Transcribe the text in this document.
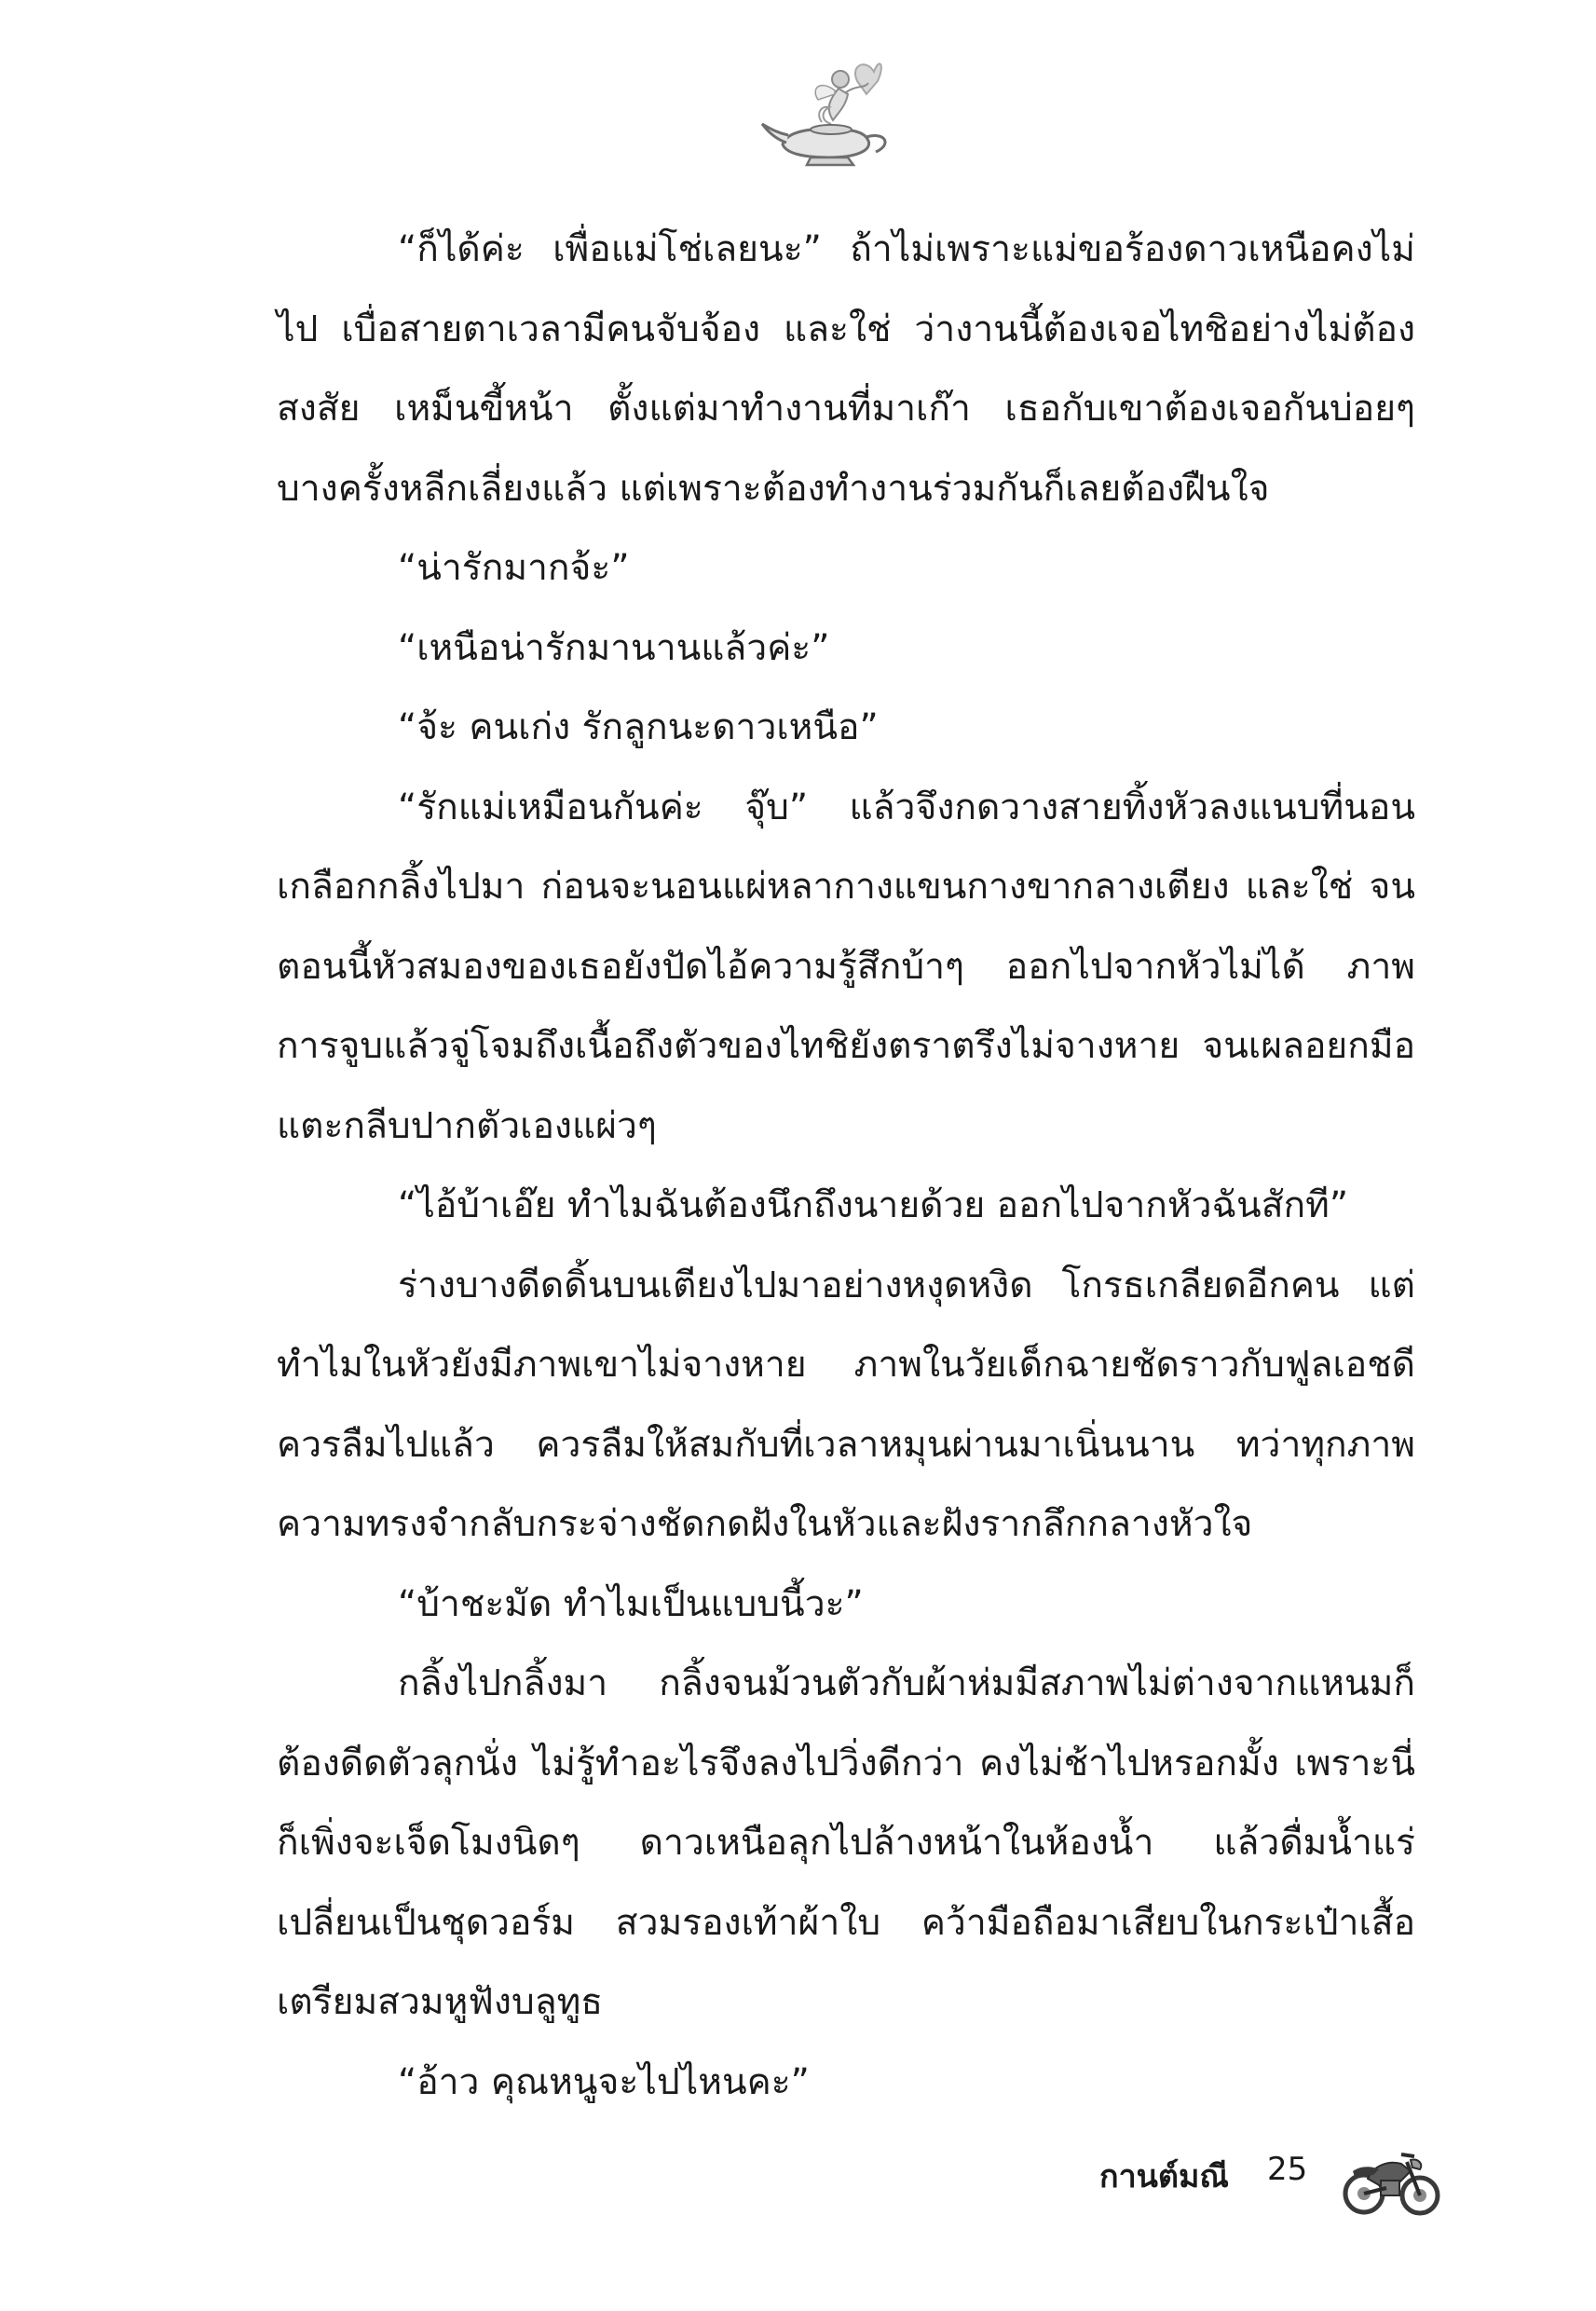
“ก็ได้ค่ะ เพื่อแม่โช่เลยนะ” ถ้าไม่เพราะแม่ขอร้องดาวเหนือคงไม่ไป เบื่อสายตาเวลามีคนจับจ้อง และใช่ ว่างานนี้ต้องเจอไทชิอย่างไม่ต้องสงสัย เหม็นขี้หน้า ตั้งแต่มาทำงานที่มาเก๊า เธอกับเขาต้องเจอกันบ่อยๆ บางครั้งหลีกเลี่ยงแล้ว แต่เพราะต้องทำงานร่วมกันก็เลยต้องฝืนใจ

“น่ารักมากจ้ะ”

“เหนือน่ารักมานานแล้วค่ะ”

“จ้ะ คนเก่ง รักลูกนะดาวเหนือ”

“รักแม่เหมือนกันค่ะ จุ๊บ” แล้วจึงกดวางสายทิ้งหัวลงแนบที่นอนเกลือกกลิ้งไปมา ก่อนจะนอนแผ่หลากางแขนกางขากลางเตียง และใช่ จนตอนนี้หัวสมองของเธอยังปัดไอ้ความรู้สึกบ้าๆ ออกไปจากหัวไม่ได้ ภาพการจูบแล้วจู่โจมถึงเนื้อถึงตัวของไทชิยังตราตรึงไม่จางหาย จนเผลอยกมือแตะกลีบปากตัวเองแผ่วๆ

“ไอ้บ้าเอ๊ย ทำไมฉันต้องนึกถึงนายด้วย ออกไปจากหัวฉันสักที”

ร่างบางดีดดิ้นบนเตียงไปมาอย่างหงุดหงิด โกรธเกลียดอีกคน แต่ทำไมในหัวยังมีภาพเขาไม่จางหาย ภาพในวัยเด็กฉายชัดราวกับฟูลเอชดี ควรลืมไปแล้ว ควรลืมให้สมกับที่เวลาหมุนผ่านมาเนิ่นนาน ทว่าทุกภาพความทรงจำกลับกระจ่างชัดกดฝังในหัวและฝังรากลึกกลางหัวใจ

“บ้าชะมัด ทำไมเป็นแบบนี้วะ”

กลิ้งไปกลิ้งมา กลิ้งจนม้วนตัวกับผ้าห่มมีสภาพไม่ต่างจากแหนมก็ต้องดีดตัวลุกนั่ง ไม่รู้ทำอะไรจึงลงไปวิ่งดีกว่า คงไม่ช้าไปหรอกมั้ง เพราะนี่ก็เพิ่งจะเจ็ดโมงนิดๆ ดาวเหนือลุกไปล้างหน้าในห้องน้ำ แล้วดื่มน้ำแร่ เปลี่ยนเป็นชุดวอร์ม สวมรองเท้าผ้าใบ คว้ามือถือมาเสียบในกระเป๋าเสื้อ เตรียมสวมหูฟังบลูทูธ

“อ้าว คุณหนูจะไปไหนคะ”

กานต์มณี 25
